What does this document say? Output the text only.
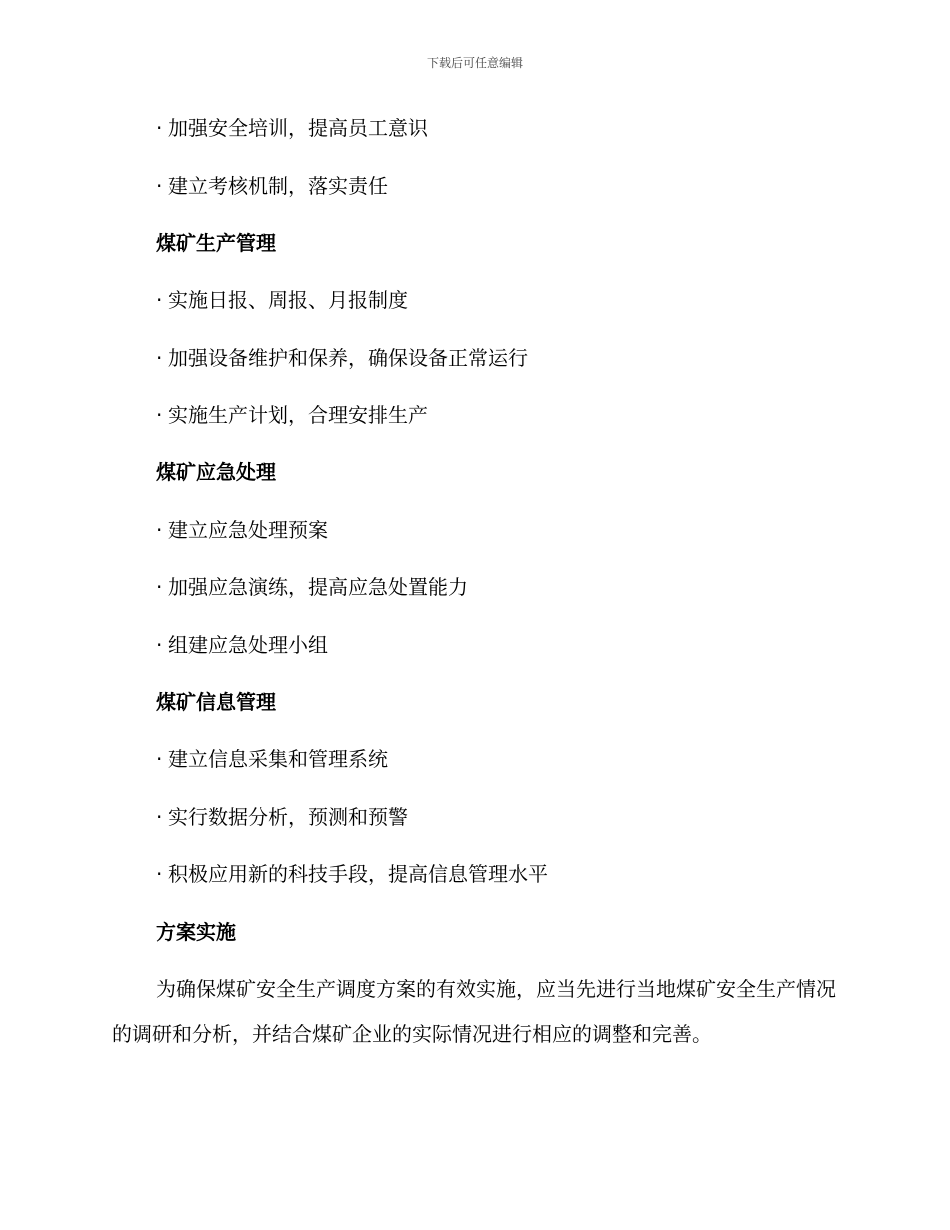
下载后可任意编辑
· 加强安全培训，提高员工意识
· 建立考核机制，落实责任
煤矿生产管理
· 实施日报、周报、月报制度
· 加强设备维护和保养，确保设备正常运行
· 实施生产计划，合理安排生产
煤矿应急处理
· 建立应急处理预案
· 加强应急演练，提高应急处置能力
· 组建应急处理小组
煤矿信息管理
· 建立信息采集和管理系统
· 实行数据分析，预测和预警
· 积极应用新的科技手段，提高信息管理水平
方案实施
为确保煤矿安全生产调度方案的有效实施，应当先进行当地煤矿安全生产情况的调研和分析，并结合煤矿企业的实际情况进行相应的调整和完善。
